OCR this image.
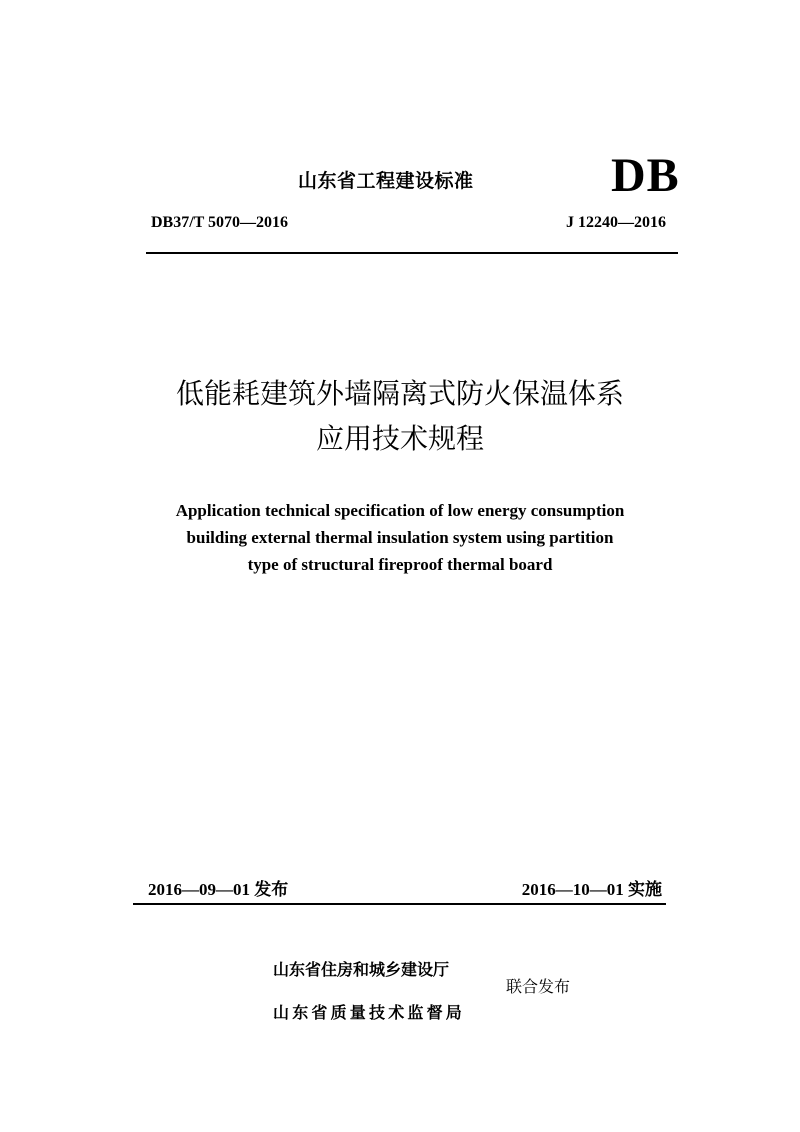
山东省工程建设标准	DB
DB37/T 5070—2016	J 12240—2016
低能耗建筑外墙隔离式防火保温体系
应用技术规程
Application technical specification of low energy consumption
building external thermal insulation system using partition
type of structural fireproof thermal board
2016—09—01 发布	2016—10—01 实施
山东省住房和城乡建设厅
山东省质量技术监督局
联合发布
